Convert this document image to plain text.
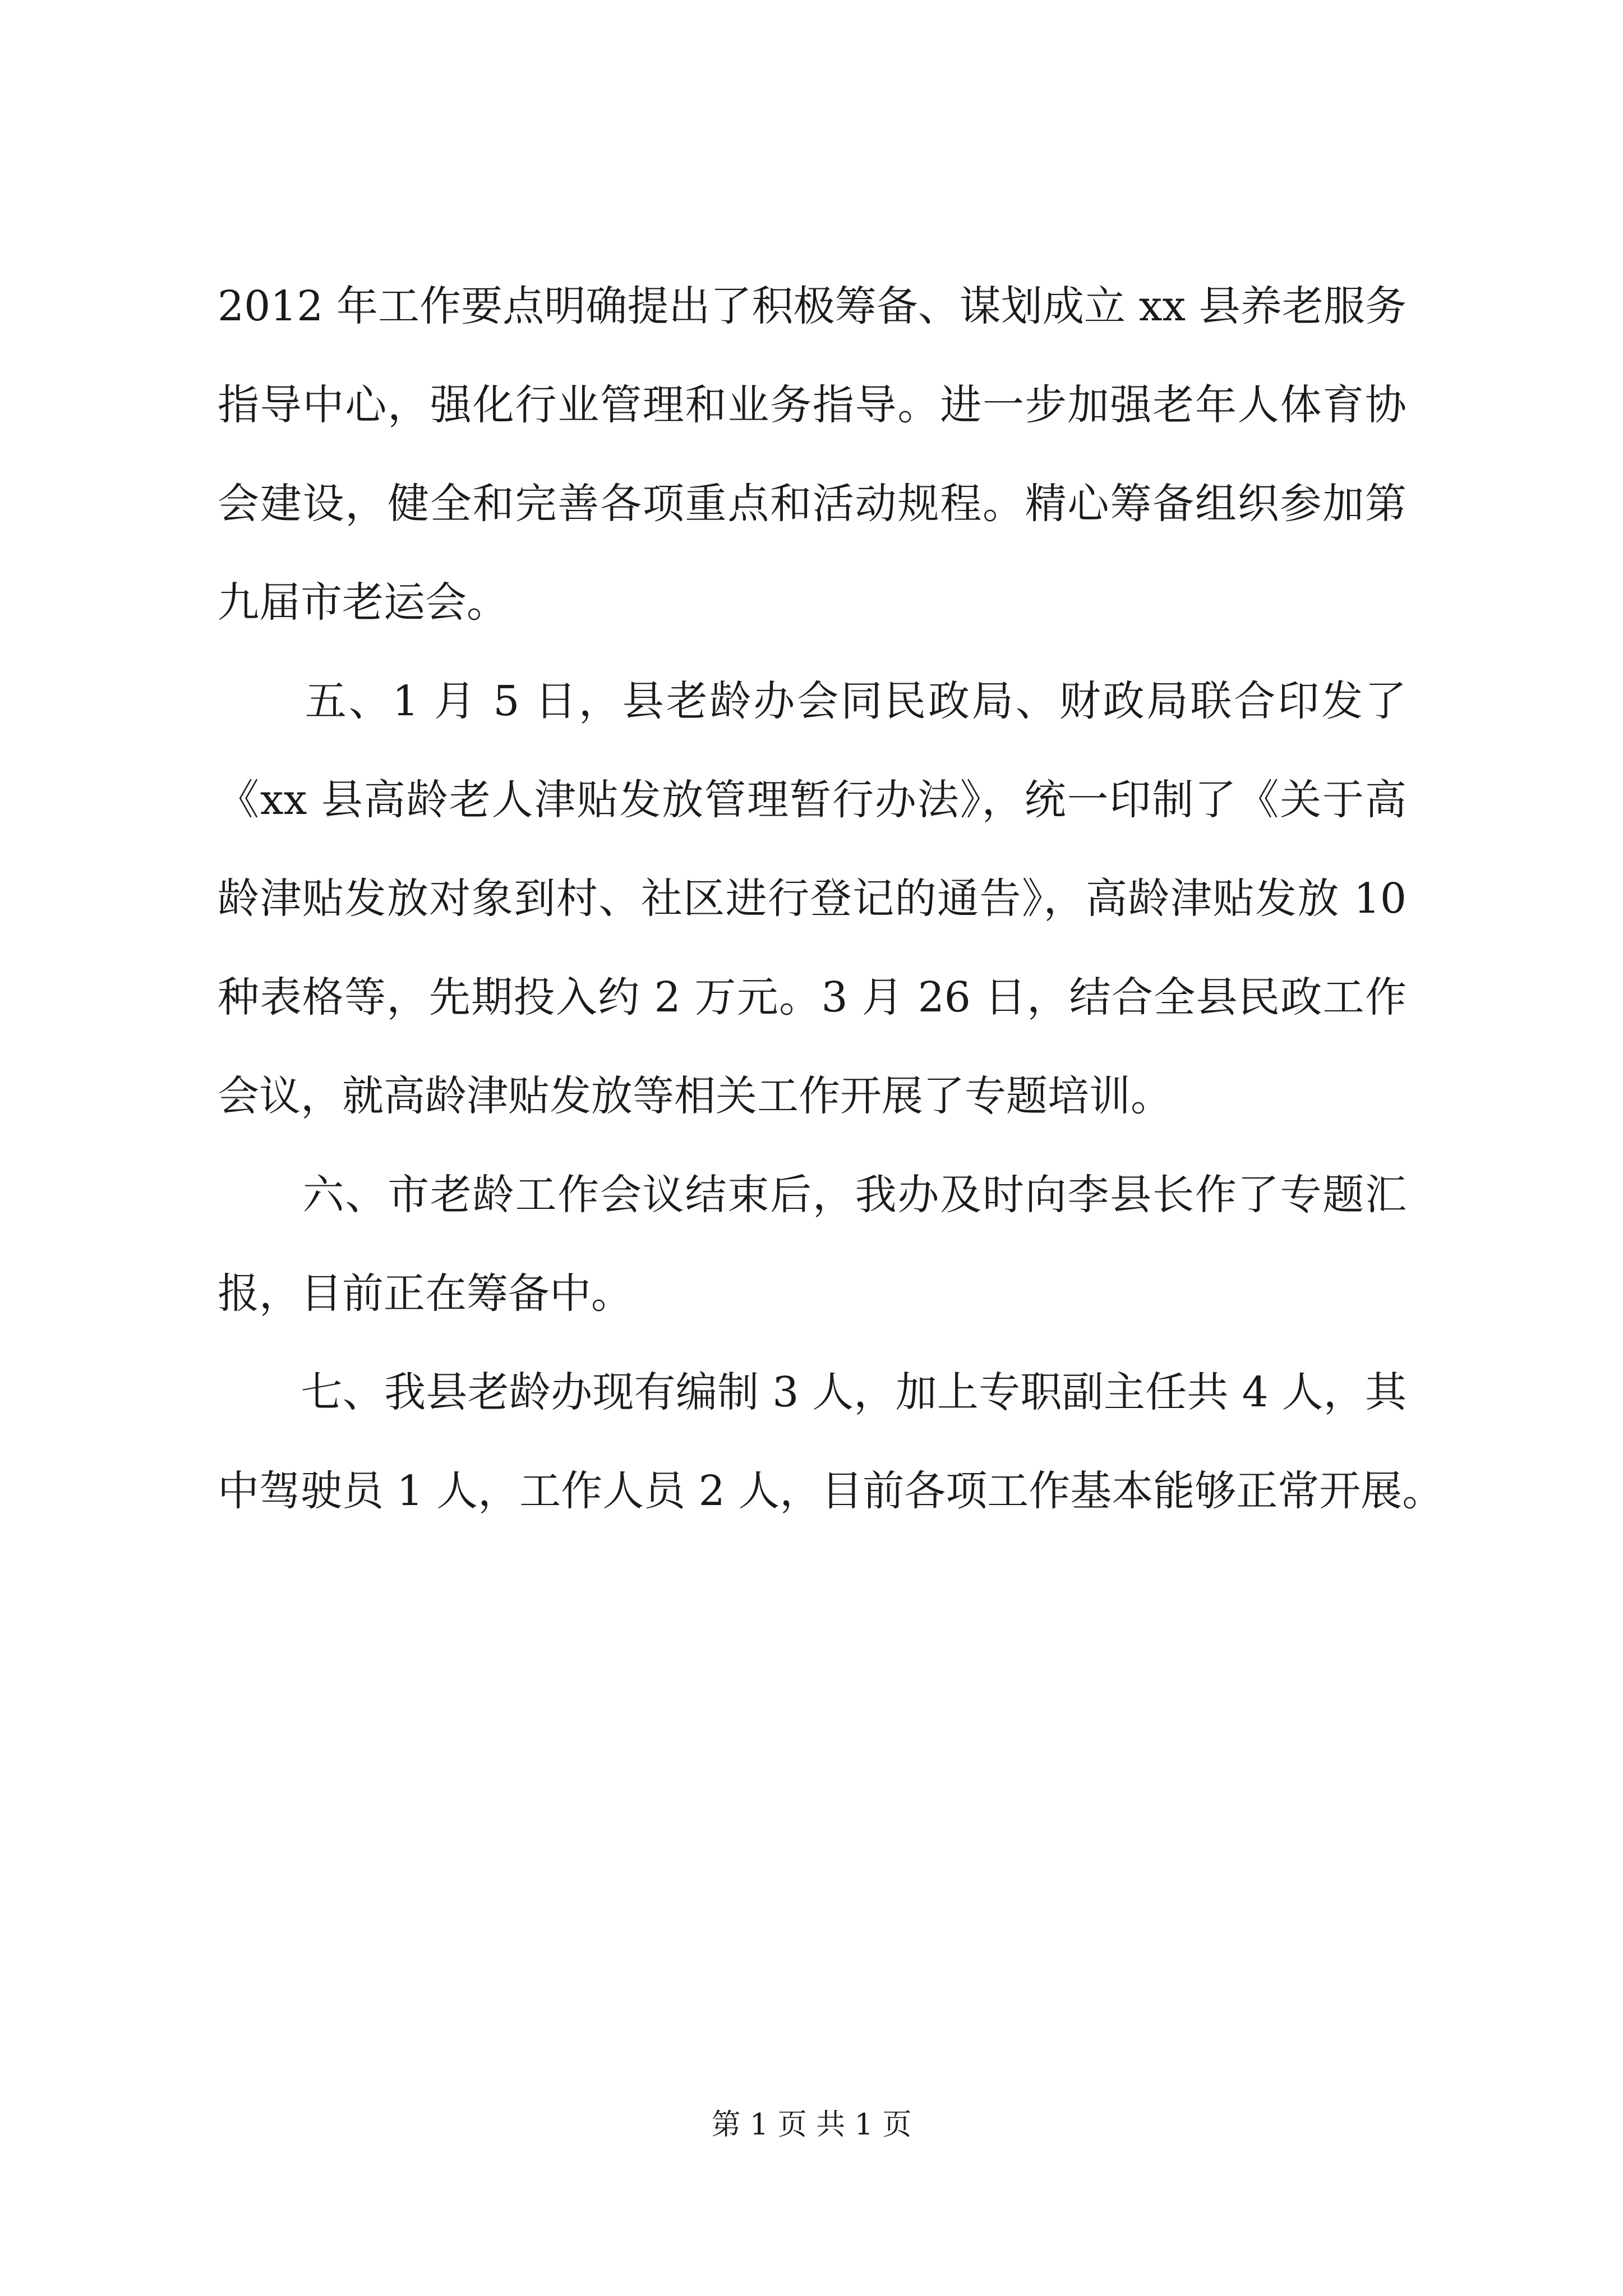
2012 年工作要点明确提出了积极筹备、谋划成立 xx 县养老服务
指导中心，强化行业管理和业务指导。进一步加强老年人体育协
会建设，健全和完善各项重点和活动规程。精心筹备组织参加第
九届市老运会。
　　五、1 月 5 日，县老龄办会同民政局、财政局联合印发了
《xx 县高龄老人津贴发放管理暂行办法》，统一印制了《关于高
龄津贴发放对象到村、社区进行登记的通告》，高龄津贴发放 10
种表格等，先期投入约 2 万元。3 月 26 日，结合全县民政工作
会议，就高龄津贴发放等相关工作开展了专题培训。
　　六、市老龄工作会议结束后，我办及时向李县长作了专题汇
报，目前正在筹备中。
　　七、我县老龄办现有编制 3 人，加上专职副主任共 4 人，其
中驾驶员 1 人，工作人员 2 人，目前各项工作基本能够正常开展。
第 1 页 共 1 页
